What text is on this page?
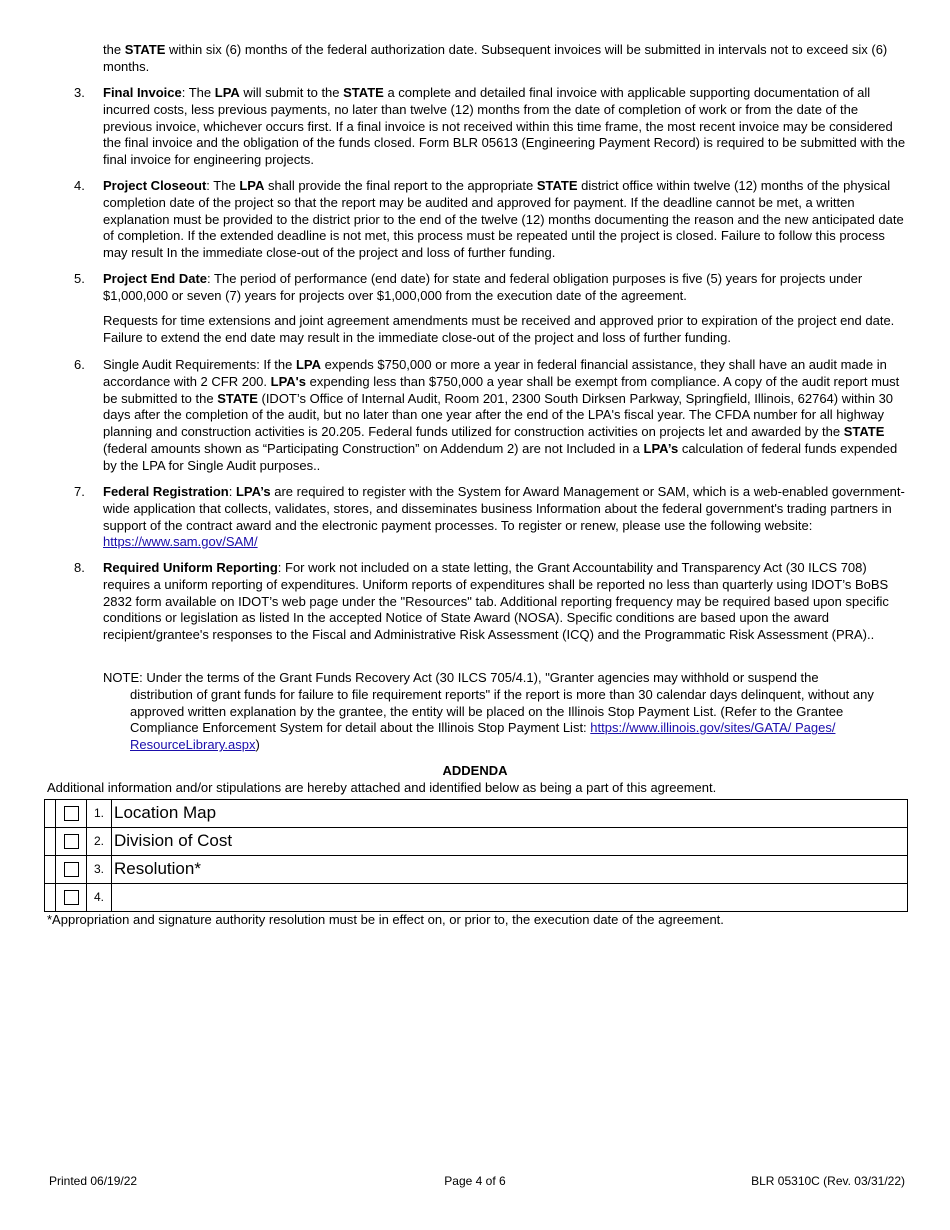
the STATE within six (6) months of the federal authorization date. Subsequent invoices will be submitted in intervals not to exceed six (6) months.
3. Final Invoice: The LPA will submit to the STATE a complete and detailed final invoice with applicable supporting documentation of all incurred costs, less previous payments, no later than twelve (12) months from the date of completion of work or from the date of the previous invoice, whichever occurs first. If a final invoice is not received within this time frame, the most recent invoice may be considered the final invoice and the obligation of the funds closed. Form BLR 05613 (Engineering Payment Record) is required to be submitted with the final invoice for engineering projects.
4. Project Closeout: The LPA shall provide the final report to the appropriate STATE district office within twelve (12) months of the physical completion date of the project so that the report may be audited and approved for payment. If the deadline cannot be met, a written explanation must be provided to the district prior to the end of the twelve (12) months documenting the reason and the new anticipated date of completion. If the extended deadline is not met, this process must be repeated until the project is closed. Failure to follow this process may result In the immediate close-out of the project and loss of further funding.
5. Project End Date: The period of performance (end date) for state and federal obligation purposes is five (5) years for projects under $1,000,000 or seven (7) years for projects over $1,000,000 from the execution date of the agreement.
Requests for time extensions and joint agreement amendments must be received and approved prior to expiration of the project end date. Failure to extend the end date may result in the immediate close-out of the project and loss of further funding.
6. Single Audit Requirements: If the LPA expends $750,000 or more a year in federal financial assistance, they shall have an audit made in accordance with 2 CFR 200. LPA's expending less than $750,000 a year shall be exempt from compliance. A copy of the audit report must be submitted to the STATE (IDOT’s Office of Internal Audit, Room 201, 2300 South Dirksen Parkway, Springfield, Illinois, 62764) within 30 days after the completion of the audit, but no later than one year after the end of the LPA's fiscal year. The CFDA number for all highway planning and construction activities is 20.205. Federal funds utilized for construction activities on projects let and awarded by the STATE (federal amounts shown as “Participating Construction” on Addendum 2) are not Included in a LPA’s calculation of federal funds expended by the LPA for Single Audit purposes..
7. Federal Registration: LPA’s are required to register with the System for Award Management or SAM, which is a web-enabled government-wide application that collects, validates, stores, and disseminates business Information about the federal government's trading partners in support of the contract award and the electronic payment processes. To register or renew, please use the following website: https://www.sam.gov/SAM/
8. Required Uniform Reporting: For work not included on a state letting, the Grant Accountability and Transparency Act (30 ILCS 708) requires a uniform reporting of expenditures. Uniform reports of expenditures shall be reported no less than quarterly using IDOT’s BoBS 2832 form available on IDOT’s web page under the "Resources" tab. Additional reporting frequency may be required based upon specific conditions or legislation as listed In the accepted Notice of State Award (NOSA). Specific conditions are based upon the award recipient/grantee's responses to the Fiscal and Administrative Risk Assessment (ICQ) and the Programmatic Risk Assessment (PRA)..
NOTE: Under the terms of the Grant Funds Recovery Act (30 ILCS 705/4.1), "Granter agencies may withhold or suspend the
distribution of grant funds for failure to file requirement reports" if the report is more than 30 calendar days delinquent, without any approved written explanation by the grantee, the entity will be placed on the Illinois Stop Payment List. (Refer to the Grantee Compliance Enforcement System for detail about the Illinois Stop Payment List: https://www.illinois.gov/sites/GATA/ Pages/ ResourceLibrary.aspx)
ADDENDA
Additional information and/or stipulations are hereby attached and identified below as being a part of this agreement.
		1.	Location Map
		2.	Division of Cost
		3.	Resolution*
		4.	
*Appropriation and signature authority resolution must be in effect on, or prior to, the execution date of the agreement.
Printed 06/19/22	Page 4 of 6	BLR 05310C (Rev. 03/31/22)
